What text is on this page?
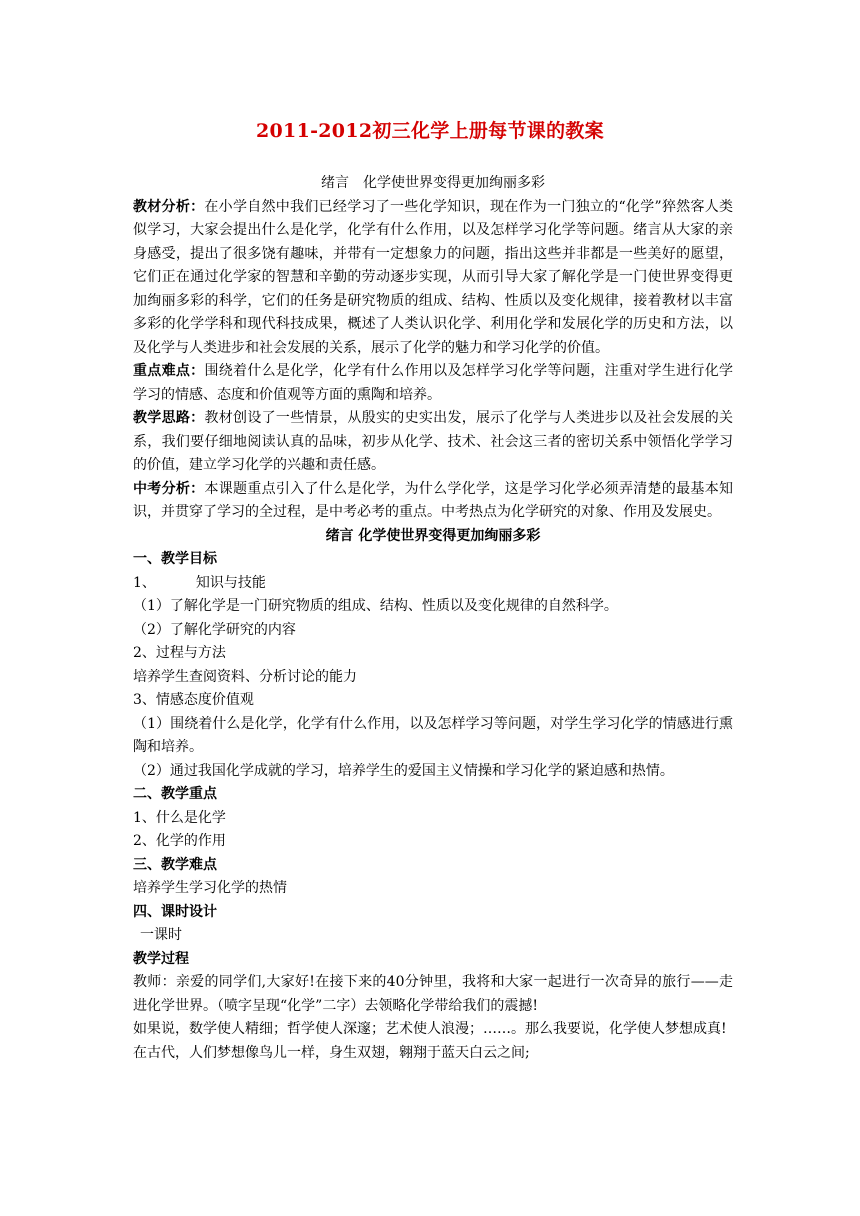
2011-2012初三化学上册每节课的教案

绪言 化学使世界变得更加绚丽多彩

教材分析：在小学自然中我们已经学习了一些化学知识，现在作为一门独立的“化学”猝然客人类似学习，大家会提出什么是化学，化学有什么作用，以及怎样学习化学等问题。绪言从大家的亲身感受，提出了很多饶有趣味，并带有一定想象力的问题，指出这些并非都是一些美好的愿望，它们正在通过化学家的智慧和辛勤的劳动逐步实现，从而引导大家了解化学是一门使世界变得更加绚丽多彩的科学，它们的任务是研究物质的组成、结构、性质以及变化规律，接着教材以丰富多彩的化学学科和现代科技成果，概述了人类认识化学、利用化学和发展化学的历史和方法，以及化学与人类进步和社会发展的关系，展示了化学的魅力和学习化学的价值。

重点难点：围绕着什么是化学，化学有什么作用以及怎样学习化学等问题，注重对学生进行化学学习的情感、态度和价值观等方面的熏陶和培养。

教学思路：教材创设了一些情景，从殷实的史实出发，展示了化学与人类进步以及社会发展的关系，我们要仔细地阅读认真的品味，初步从化学、技术、社会这三者的密切关系中领悟化学学习的价值，建立学习化学的兴趣和责任感。

中考分析：本课题重点引入了什么是化学，为什么学化学，这是学习化学必须弄清楚的最基本知识，并贯穿了学习的全过程，是中考必考的重点。中考热点为化学研究的对象、作用及发展史。

绪言 化学使世界变得更加绚丽多彩

一、教学目标

1、	知识与技能

（1）了解化学是一门研究物质的组成、结构、性质以及变化规律的自然科学。

（2）了解化学研究的内容

2、过程与方法

培养学生查阅资料、分析讨论的能力

3、情感态度价值观

（1）围绕着什么是化学，化学有什么作用，以及怎样学习等问题，对学生学习化学的情感进行熏陶和培养。

（2）通过我国化学成就的学习，培养学生的爱国主义情操和学习化学的紧迫感和热情。

二、教学重点

1、什么是化学

2、化学的作用

三、教学难点

培养学生学习化学的热情

四、课时设计

一课时

教学过程

教师：亲爱的同学们,大家好!在接下来的40分钟里，我将和大家一起进行一次奇异的旅行——走进化学世界。（喷字呈现“化学”二字）去领略化学带给我们的震撼!

如果说，数学使人精细；哲学使人深邃；艺术使人浪漫；……。那么我要说，化学使人梦想成真!

在古代，人们梦想像鸟儿一样，身生双翅，翱翔于蓝天白云之间;
